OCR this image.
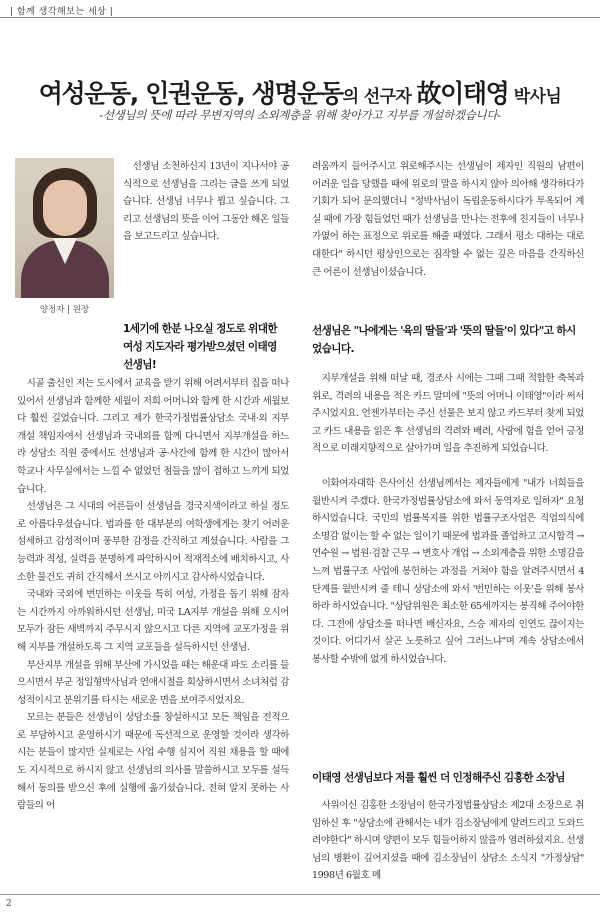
| 함께 생각해보는 세상 |
여성운동, 인권운동, 생명운동의 선구자 故이태영 박사님
-선생님의 뜻에 따라 무변지역의 소외계층을 위해 찾아가고 지부를 개설하겠습니다-
양정자 | 원장

선생님 소천하신지 13년이 지나서야 공식적으로 선생님을 그리는 글을 쓰게 되었습니다. 선생님 너무나 뵙고 싶습니다. 그리고 선생님의 뜻을 이어 그동안 해온 일들을 보고드리고 싶습니다.

1세기에 한분 나오실 정도로 위대한 여성 지도자라 평가받으셨던 이태영 선생님!

시골 출신인 저는 도시에서 교육을 받기 위해 어려서부터 집을 떠나 있어서 선생님과 함께한 세월이 저희 어머니와 함께 한 시간과 세월보다 훨씬 길었습니다. 그리고 제가 한국가정법률상담소 국내·외 지부 개설 책임자여서 선생님과 국내외를 함께 다니면서 지부개설을 하느라 상담소 직원 중에서도 선생님과 공·사간에 함께 한 시간이 많아서 학교나 사무실에서는 느낄 수 없었던 점들을 많이 접하고 느끼게 되었습니다.

선생님은 그 시대의 어른들이 선생님을 경국지색이라고 하실 정도로 아름다우셨습니다. 법과를 한 대부분의 여학생에게는 찾기 어려운 섬세하고 감성적이며 풍부한 감정을 간직하고 계셨습니다. 사람을 그 능력과 적성, 실력을 분명하게 파악하시어 적재적소에 배치하시고, 사소한 물건도 귀히 간직해서 쓰시고 아끼시고 감사하시었습니다.

국내와 국외에 번민하는 이웃들 특히 여성, 가정을 돕기 위해 잠자는 시간까지 아까워하시던 선생님, 미국 LA지부 개설을 위해 오시어 모두가 잠든 새벽까지 주무시지 않으시고 다른 지역에 교포가정을 위해 지부를 개설하도록 그 지역 교포들을 설득하시던 선생님.

부산지부 개설을 위해 부산에 가시었을 때는 해운대 파도 소리를 들으시면서 부군 정일형박사님과 연애시절을 회상하시면서 소녀처럼 감성적이시고 분위기를 타시는 새로운 면을 보여주시었지요.

모르는 분들은 선생님이 상담소를 창설하시고 모든 책임을 전적으로 부담하시고 운영하시기 때문에 독선적으로 운영할 것이라 생각하시는 분들이 많지만 실제로는 사업 수행 심지어 직원 채용을 할 때에도 지시적으로 하시지 않고 선생님의 의사를 말씀하시고 모두를 설득해서 동의를 받으신 후에 실행에 옮기셨습니다. 전혀 알지 못하는 사람들의 어

려움까지 들어주시고 위로해주시는 선생님이 제자인 직원의 남편이 어려운 일을 당했을 때에 위로의 말을 하시지 않아 의아해 생각하다가 기회가 되어 문의했더니 "정박사님이 독립운동하시다가 투옥되어 계실 때에 가장 힘들었던 때가 선생님을 만나는 전후에 친지들이 너무나 가엾어 하는 표정으로 위로를 해줄 때였다. 그래서 평소 대하는 대로 대한다" 하시던 평상인으로는 짐작할 수 없는 깊은 마음을 간직하신 큰 어른이 선생님이셨습니다.

선생님은 "나에게는 '육의 딸들'과 '뜻의 딸들'이 있다"고 하시었습니다.

지부개설을 위해 떠날 때, 경조사 시에는 그때 그때 적합한 축복과 위로, 격려의 내용을 적은 카드 말미에 "뜻의 어머니 이태영"이라 써서 주시었지요. 언젠가부터는 주신 선물은 보지 않고 카드부터 찾게 되었고 카드 내용을 읽은 후 선생님의 격려와 배려, 사랑에 힘을 얻어 긍정적으로 미래지향적으로 살아가며 일을 추진하게 되었습니다.

이화여자대학 은사이신 선생님께서는 제자들에게 "내가 너희들을 월반시켜 주겠다. 한국가정법률상담소에 와서 동역자로 일하자" 요청하시었습니다. 국민의 법률복지를 위한 법률구조사업은 직업의식에 소명감 없이는 할 수 없는 일이기 때문에 법과를 졸업하고 고시합격 → 연수원 → 법원·검찰 근무 → 변호사 개업 → 소외계층을 위한 소명감을 느껴 법률구조 사업에 봉헌하는 과정을 거쳐야 함을 알려주시면서 4단계를 월반시켜 줄 테니 상담소에 와서 '번민하는 이웃'을 위해 봉사하라 하시었습니다. "상담위원은 최소한 65세까지는 봉직해 주어야한다. 그전에 상담소를 떠나면 배신자요, 스승 제자의 인연도 끊이지는 것이다. 어디가서 살곤 노릇하고 싶어 그러느냐"며 계속 상담소에서 봉사할 수밖에 없게 하시었습니다.

이태영 선생님보다 저를 훨씬 더 인정해주신 김홍한 소장님

사위이신 김홍한 소장님이 한국가정법률상담소 제2대 소장으로 취임하신 후 "상담소에 관해서는 네가 김소장님에게 알려드리고 도와드려야한다" 하시며 양편이 모두 힘들어하지 않을까 염려하셨지요. 선생님의 병환이 깊어지셨을 때에 김소장님이 상담소 소식지 "가정상담" 1998년 6월호 메

2
